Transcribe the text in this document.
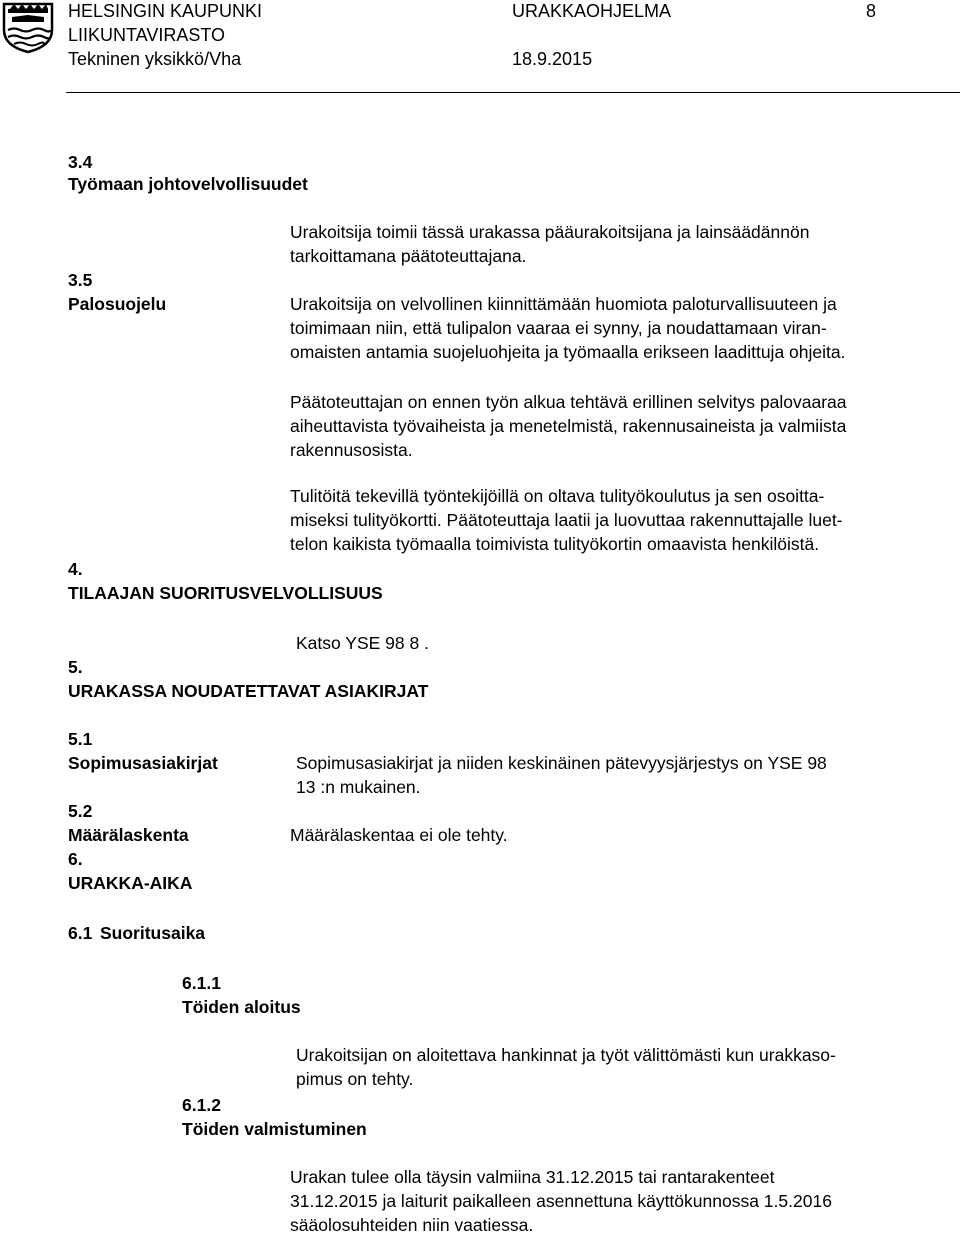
HELSINGIN KAUPUNKI
LIIKUNTAVIRASTO
Tekninen yksikkö/Vha
URAKKAOHJELMA	8
18.9.2015
3.4
Työmaan johtovelvollisuudet
Urakoitsija toimii tässä urakassa pääurakoitsijana ja lainsäädännön
tarkoittamana päätoteuttajana.
3.5
Palosuojelu	Urakoitsija on velvollinen kiinnittämään huomiota paloturvallisuuteen ja
toimimaan niin, että tulipalon vaaraa ei synny, ja noudattamaan viran-
omaisten antamia suojeluohjeita ja työmaalla erikseen laadittuja ohjeita.
Päätoteuttajan on ennen työn alkua tehtävä erillinen selvitys palovaaraa
aiheuttavista työvaiheista ja menetelmistä, rakennusaineista ja valmiista
rakennusosista.
Tulitöitä tekevillä työntekijöillä on oltava tulityökoulutus ja sen osoitta-
miseksi tulityökortti. Päätoteuttaja laatii ja luovuttaa rakennuttajalle luet-
telon kaikista työmaalla toimivista tulityökortin omaavista henkilöistä.
4.
TILAAJAN SUORITUSVELVOLLISUUS
Katso YSE 98 8 .
5.
URAKASSA NOUDATETTAVAT ASIAKIRJAT
5.1
Sopimusasiakirjat	Sopimusasiakirjat ja niiden keskinäinen pätevyysjärjestys on YSE 98
13 :n mukainen.
5.2
Määrälaskenta	Määrälaskentaa ei ole tehty.
6.
URAKKA-AIKA
6.1 Suoritusaika
6.1.1
Töiden aloitus
Urakoitsijan on aloitettava hankinnat ja työt välittömästi kun urakkaso-
pimus on tehty.
6.1.2
Töiden valmistuminen
Urakan tulee olla täysin valmiina 31.12.2015 tai rantarakenteet
31.12.2015 ja laiturit paikalleen asennettuna käyttökunnossa 1.5.2016
sääolosuhteiden niin vaatiessa.
